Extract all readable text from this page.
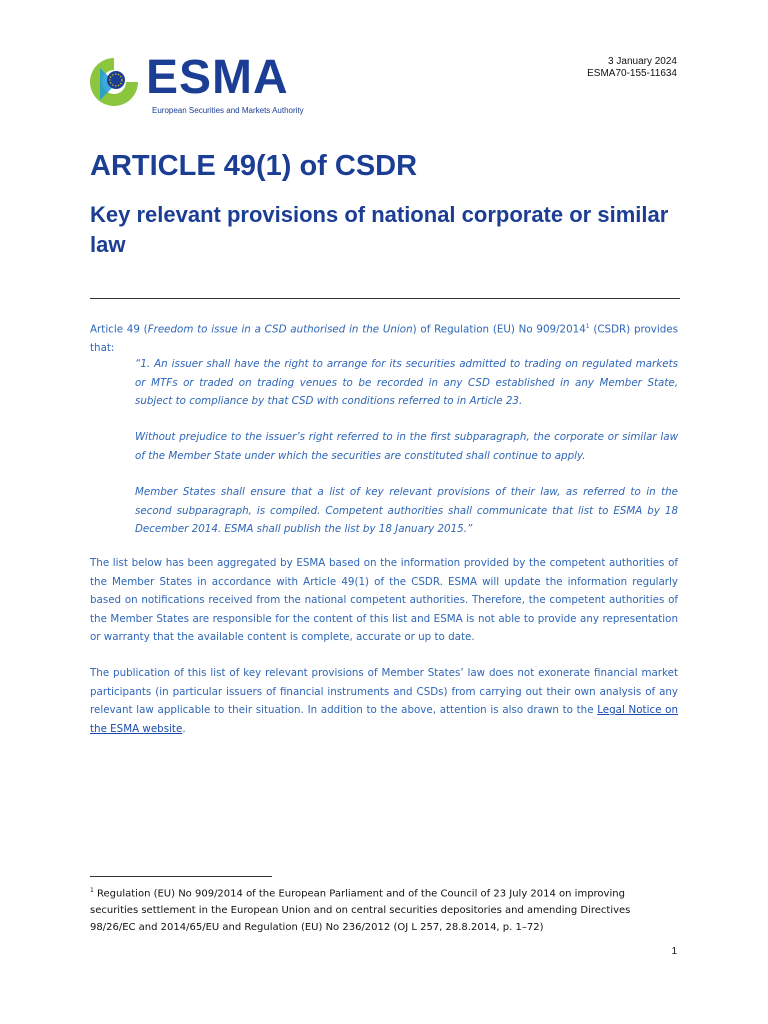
ESMA
European Securities and Markets Authority
3 January 2024
ESMA70-155-11634
ARTICLE 49(1) of CSDR
Key relevant provisions of national corporate or similar law

Article 49 (Freedom to issue in a CSD authorised in the Union) of Regulation (EU) No 909/2014$^1$ (CSDR) provides that:

“1. An issuer shall have the right to arrange for its securities admitted to trading on regulated markets or MTFs or traded on trading venues to be recorded in any CSD established in any Member State, subject to compliance by that CSD with conditions referred to in Article 23.

Without prejudice to the issuer’s right referred to in the first subparagraph, the corporate or similar law of the Member State under which the securities are constituted shall continue to apply.

Member States shall ensure that a list of key relevant provisions of their law, as referred to in the second subparagraph, is compiled. Competent authorities shall communicate that list to ESMA by 18 December 2014. ESMA shall publish the list by 18 January 2015.”

The list below has been aggregated by ESMA based on the information provided by the competent authorities of the Member States in accordance with Article 49(1) of the CSDR. ESMA will update the information regularly based on notifications received from the national competent authorities. Therefore, the competent authorities of the Member States are responsible for the content of this list and ESMA is not able to provide any representation or warranty that the available content is complete, accurate or up to date.

The publication of this list of key relevant provisions of Member States’ law does not exonerate financial market participants (in particular issuers of financial instruments and CSDs) from carrying out their own analysis of any relevant law applicable to their situation. In addition to the above, attention is also drawn to the Legal Notice on the ESMA website.

$^1$ Regulation (EU) No 909/2014 of the European Parliament and of the Council of 23 July 2014 on improving securities settlement in the European Union and on central securities depositories and amending Directives 98/26/EC and 2014/65/EU and Regulation (EU) No 236/2012 (OJ L 257, 28.8.2014, p. 1–72)

1
